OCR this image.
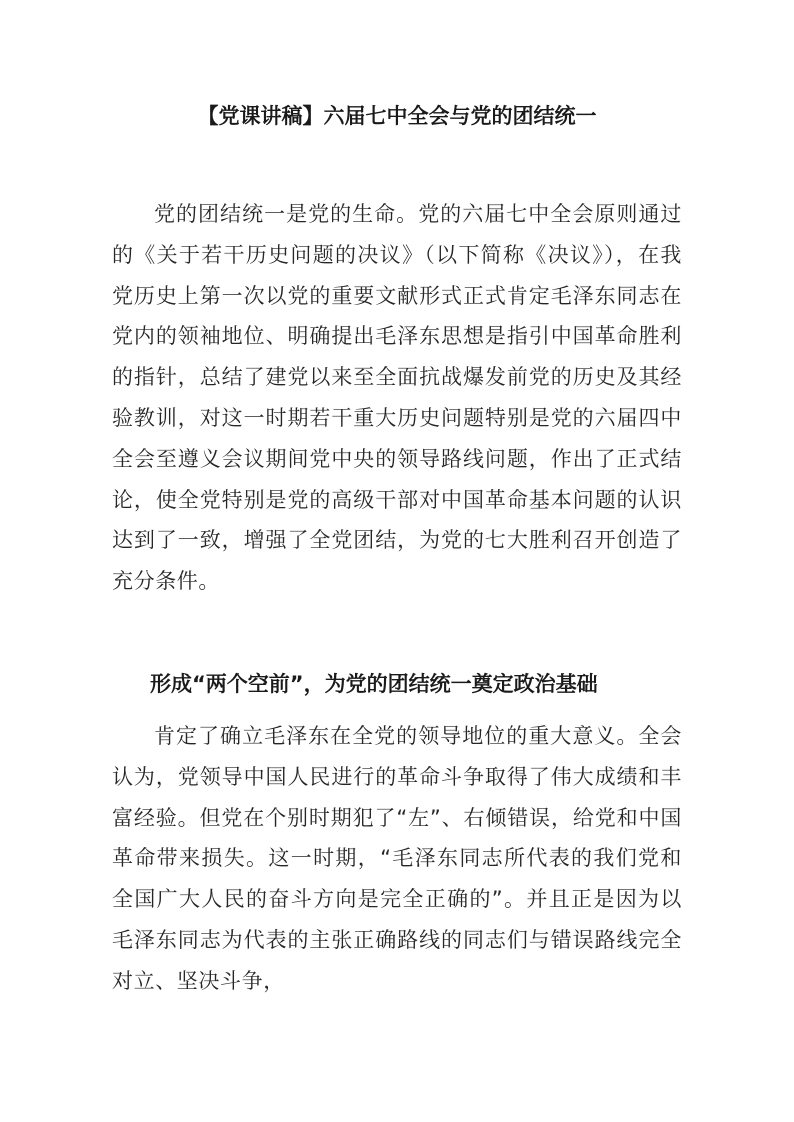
【党课讲稿】六届七中全会与党的团结统一

党的团结统一是党的生命。党的六届七中全会原则通过的《关于若干历史问题的决议》（以下简称《决议》），在我党历史上第一次以党的重要文献形式正式肯定毛泽东同志在党内的领袖地位、明确提出毛泽东思想是指引中国革命胜利的指针，总结了建党以来至全面抗战爆发前党的历史及其经验教训，对这一时期若干重大历史问题特别是党的六届四中全会至遵义会议期间党中央的领导路线问题，作出了正式结论，使全党特别是党的高级干部对中国革命基本问题的认识达到了一致，增强了全党团结，为党的七大胜利召开创造了充分条件。

形成“两个空前”，为党的团结统一奠定政治基础

肯定了确立毛泽东在全党的领导地位的重大意义。全会认为，党领导中国人民进行的革命斗争取得了伟大成绩和丰富经验。但党在个别时期犯了“左”、右倾错误，给党和中国革命带来损失。这一时期，“毛泽东同志所代表的我们党和全国广大人民的奋斗方向是完全正确的”。并且正是因为以毛泽东同志为代表的主张正确路线的同志们与错误路线完全对立、坚决斗争，
